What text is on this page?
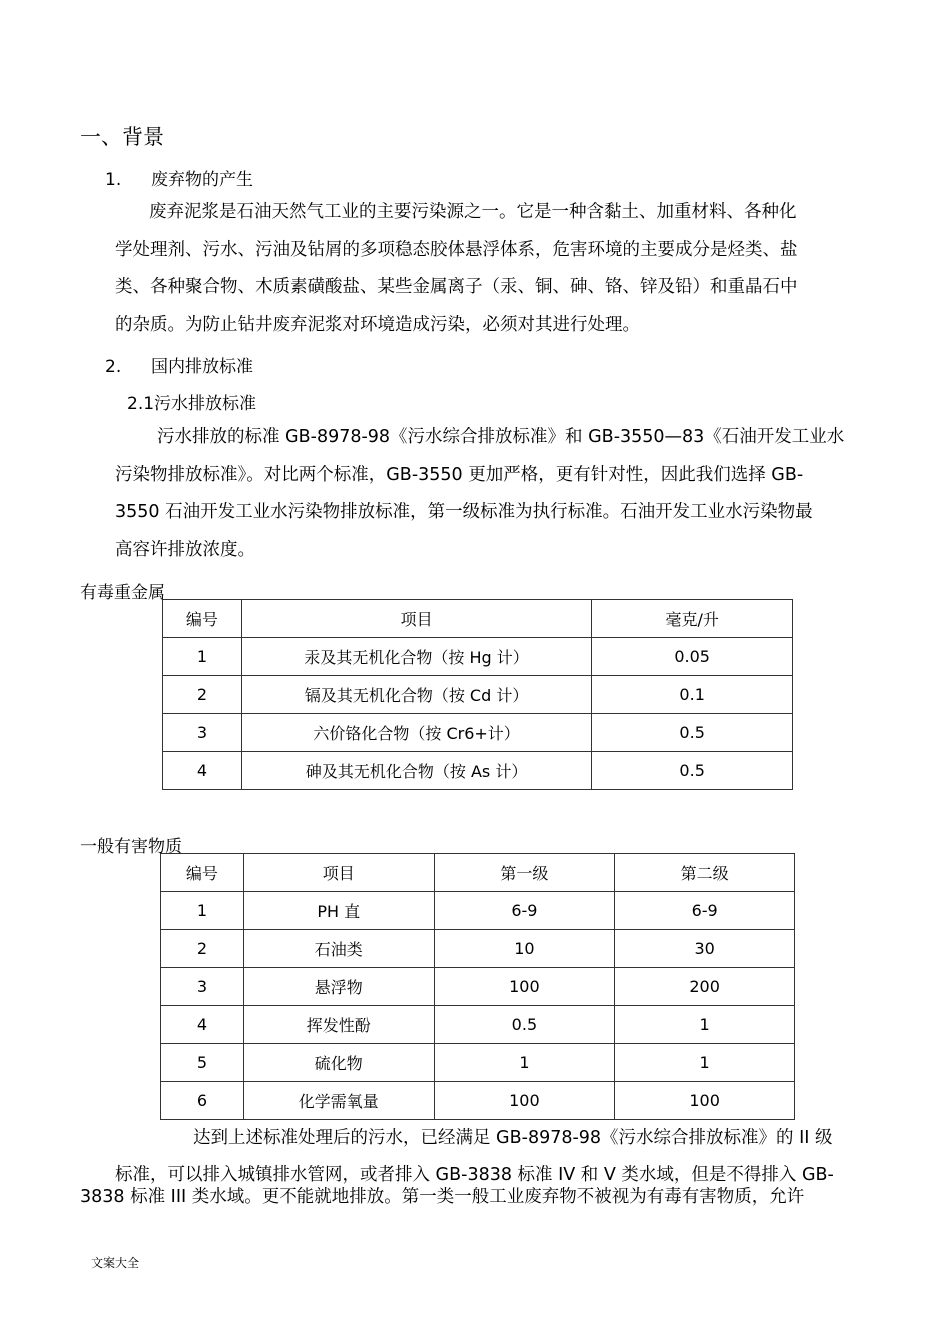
一、背景
1. 废弃物的产生
废弃泥浆是石油天然气工业的主要污染源之一。它是一种含黏土、加重材料、各种化
学处理剂、污水、污油及钻屑的多项稳态胶体悬浮体系，危害环境的主要成分是烃类、盐
类、各种聚合物、木质素磺酸盐、某些金属离子（汞、铜、砷、铬、锌及铅）和重晶石中
的杂质。为防止钻井废弃泥浆对环境造成污染，必须对其进行处理。
2. 国内排放标准
2.1污水排放标准
污水排放的标准 GB-8978-98《污水综合排放标准》和 GB-3550—83《石油开发工业水
污染物排放标准》。对比两个标准，GB-3550 更加严格，更有针对性，因此我们选择 GB-
3550 石油开发工业水污染物排放标准，第一级标准为执行标准。石油开发工业水污染物最
高容许排放浓度。
有毒重金属
编号	项目	毫克/升
1	汞及其无机化合物（按 Hg 计）	0.05
2	镉及其无机化合物（按 Cd 计）	0.1
3	六价铬化合物（按 Cr6+计）	0.5
4	砷及其无机化合物（按 As 计）	0.5
一般有害物质
编号	项目	第一级	第二级
1	PH 直	6-9	6-9
2	石油类	10	30
3	悬浮物	100	200
4	挥发性酚	0.5	1
5	硫化物	1	1
6	化学需氧量	100	100
达到上述标准处理后的污水，已经满足 GB-8978-98《污水综合排放标准》的 II 级
标准，可以排入城镇排水管网，或者排入 GB-3838 标准 IV 和 V 类水域，但是不得排入 GB-
3838 标准 III 类水域。更不能就地排放。第一类一般工业废弃物不被视为有毒有害物质，允许
文案大全
